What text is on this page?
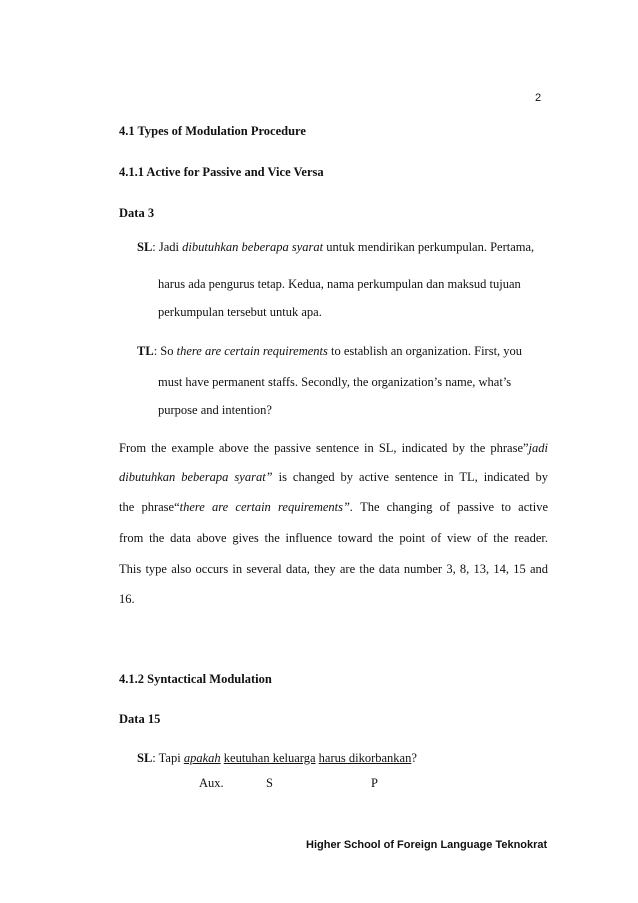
2
4.1 Types of Modulation Procedure
4.1.1 Active for Passive and Vice Versa
Data 3
SL: Jadi dibutuhkan beberapa syarat untuk mendirikan perkumpulan. Pertama,
harus ada pengurus tetap. Kedua, nama perkumpulan dan maksud tujuan
perkumpulan tersebut untuk apa.
TL: So there are certain requirements to establish an organization. First, you
must have permanent staffs. Secondly, the organization’s name, what’s
purpose and intention?
From the example above the passive sentence in SL, indicated by the phrase”jadi
dibutuhkan beberapa syarat” is changed by active sentence in TL, indicated by
the phrase“there are certain requirements”. The changing of passive to active
from the data above gives the influence toward the point of view of the reader.
This type also occurs in several data, they are the data number 3, 8, 13, 14, 15 and
16.
4.1.2 Syntactical Modulation
Data 15
SL: Tapi apakah keutuhan keluarga harus dikorbankan?
Aux.	S	P
Higher School of Foreign Language Teknokrat
